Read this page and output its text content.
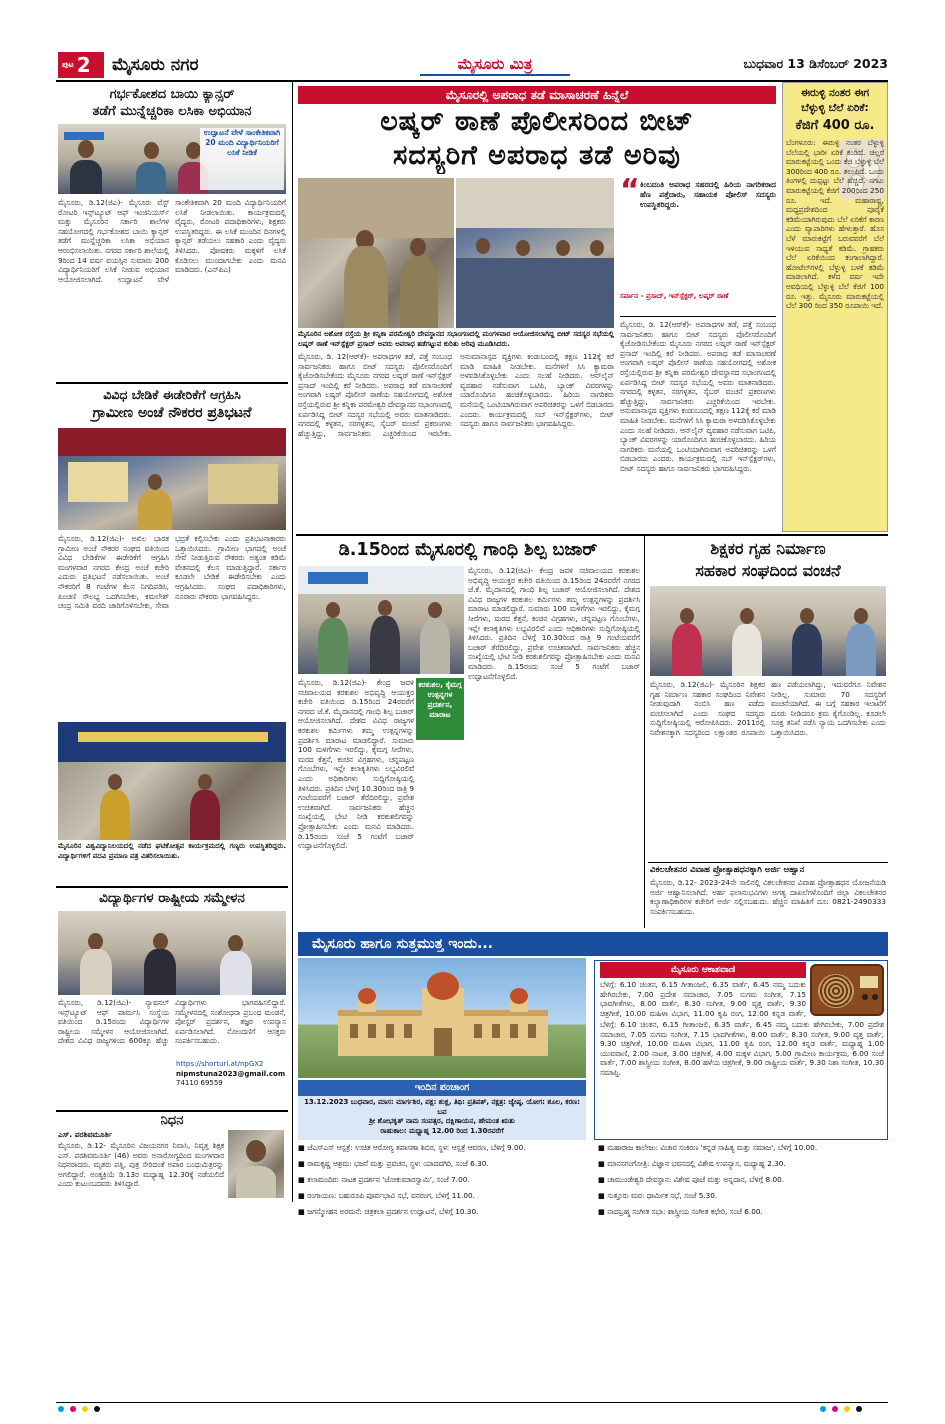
ಪುಟ 2 ಮೈಸೂರು ನಗರ	ಮೈಸೂರು ಮಿತ್ರ	ಬುಧವಾರ 13 ಡಿಸೆಂಬರ್ 2023
ಗರ್ಭಕೋಶದ ಬಾಯಿ ಕ್ಯಾನ್ಸರ್
ತಡೆಗೆ ಮುನ್ನೆಚ್ಚರಿಕಾ ಲಸಿಕಾ ಅಭಿಯಾನ
ಉದ್ಘಾಟನೆ ವೇಳೆ ಸಾಂಕೇತಿಕವಾಗಿ 20 ಮಂದಿ ವಿದ್ಯಾರ್ಥಿನಿಯರಿಗೆ ಲಸಿಕೆ ನೀಡಿಕೆ
ಮೈಸೂರು, ಡಿ.12(ಜಿಎ)- ಮೈಸೂರು ವೆಸ್ಟ್ ರೋಟರಿ ಇನ್ಸ್‌ಟ್ಯೂಟ್ ಆಫ್ ಇಂಜಿನಿಯರ್ಸ್‌ ಮತ್ತು ಮೈಸೂರಿನ ಸರ್ಕಾರಿ ಶಾಲೆಗಳ ಸಹಯೋಗದಲ್ಲಿ ಗರ್ಭಕೋಶದ ಬಾಯಿ ಕ್ಯಾನ್ಸರ್ ತಡೆಗೆ ಮುನ್ನೆಚ್ಚರಿಕಾ ಲಸಿಕಾ ಅಭಿಯಾನ ಆರಂಭಿಸಲಾಯಿತು. ನಗರದ ಸರ್ಕಾರಿ ಶಾಲೆಯಲ್ಲಿ 9ರಿಂದ 14 ವರ್ಷ ವಯಸ್ಸಿನ ಸುಮಾರು 200 ವಿದ್ಯಾರ್ಥಿನಿಯರಿಗೆ ಲಸಿಕೆ ನೀಡುವ ಅಭಿಯಾನ ಆಯೋಜಿಸಲಾಗಿದೆ. ಉದ್ಘಾಟನೆ ವೇಳೆ ಸಾಂಕೇತಿಕವಾಗಿ 20 ಮಂದಿ ವಿದ್ಯಾರ್ಥಿನಿಯರಿಗೆ ಲಸಿಕೆ ನೀಡಲಾಯಿತು. ಕಾರ್ಯಕ್ರಮದಲ್ಲಿ ವೈದ್ಯರು, ರೋಟರಿ ಪದಾಧಿಕಾರಿಗಳು, ಶಿಕ್ಷಕರು ಉಪಸ್ಥಿತರಿದ್ದರು. ಈ ಲಸಿಕೆ ಮುಂದಿನ ದಿನಗಳಲ್ಲಿ ಕ್ಯಾನ್ಸರ್ ತಡೆಯಲು ಸಹಕಾರಿ ಎಂದು ವೈದ್ಯರು ತಿಳಿಸಿದರು. ಪೋಷಕರು ಮಕ್ಕಳಿಗೆ ಲಸಿಕೆ ಕೊಡಿಸಲು ಮುಂದಾಗಬೇಕು ಎಂದು ಮನವಿ ಮಾಡಿದರು. (ಎನ್‌ಪಿಎ)
ವಿವಿಧ ಬೇಡಿಕೆ ಈಡೇರಿಕೆಗೆ ಆಗ್ರಹಿಸಿ
ಗ್ರಾಮೀಣ ಅಂಚೆ ನೌಕರರ ಪ್ರತಿಭಟನೆ
ಮೈಸೂರು, ಡಿ.12(ಜಿಎ)- ಅಖಿಲ ಭಾರತ ಗ್ರಾಮೀಣ ಅಂಚೆ ನೌಕರರ ಸಂಘದ ವತಿಯಿಂದ ವಿವಿಧ ಬೇಡಿಕೆಗಳ ಈಡೇರಿಕೆಗೆ ಆಗ್ರಹಿಸಿ ಮಂಗಳವಾರ ನಗರದ ಕೇಂದ್ರ ಅಂಚೆ ಕಚೇರಿ ಎದುರು ಪ್ರತಿಭಟನೆ ನಡೆಸಲಾಯಿತು. ಅಂಚೆ ನೌಕರರಿಗೆ 8 ಗಂಟೆಗಳ ಕೆಲಸ ನಿಗದಿಪಡಿಸಿ, ಪಿಂಚಣಿ ಸೌಲಭ್ಯ ಒದಗಿಸಬೇಕು, ಕಮಲೇಶ್ ಚಂದ್ರ ಸಮಿತಿ ವರದಿ ಜಾರಿಗೊಳಿಸಬೇಕು, ಸೇವಾ ಭದ್ರತೆ ಕಲ್ಪಿಸಬೇಕು ಎಂದು ಪ್ರತಿಭಟನಾಕಾರರು ಒತ್ತಾಯಿಸಿದರು. ಗ್ರಾಮೀಣ ಭಾಗದಲ್ಲಿ ಅಂಚೆ ಸೇವೆ ನೀಡುತ್ತಿರುವ ನೌಕರರು ಅತ್ಯಂತ ಕಡಿಮೆ ವೇತನದಲ್ಲಿ ಕೆಲಸ ಮಾಡುತ್ತಿದ್ದಾರೆ. ಸರ್ಕಾರ ಕೂಡಲೇ ಬೇಡಿಕೆ ಈಡೇರಿಸಬೇಕು ಎಂದು ಆಗ್ರಹಿಸಿದರು. ಸಂಘದ ಪದಾಧಿಕಾರಿಗಳು, ನೂರಾರು ನೌಕರರು ಭಾಗವಹಿಸಿದ್ದರು.
ಮೈಸೂರಿನ ವಿಶ್ವವಿದ್ಯಾನಿಲಯದಲ್ಲಿ ನಡೆದ ಘಟಿಕೋತ್ಸವ ಕಾರ್ಯಕ್ರಮದಲ್ಲಿ ಗಣ್ಯರು ಉಪಸ್ಥಿತರಿದ್ದರು. ವಿದ್ಯಾರ್ಥಿಗಳಿಗೆ ಪದವಿ ಪ್ರಮಾಣ ಪತ್ರ ವಿತರಿಸಲಾಯಿತು.
ವಿದ್ಯಾರ್ಥಿಗಳ ರಾಷ್ಟ್ರೀಯ ಸಮ್ಮೇಳನ
ಮೈಸೂರು, ಡಿ.12(ಜಿಎ)- ನ್ಯಾಷನಲ್ ಇನ್ಸ್‌ಟ್ಯೂಟ್ ಆಫ್ ಪಾರ್ಮಸಿ ಸಂಸ್ಥೆಯ ವತಿಯಿಂದ ಡಿ.15ರಂದು ವಿದ್ಯಾರ್ಥಿಗಳ ರಾಷ್ಟ್ರೀಯ ಸಮ್ಮೇಳನ ಆಯೋಜಿಸಲಾಗಿದೆ. ದೇಶದ ವಿವಿಧ ರಾಜ್ಯಗಳಿಂದ 600ಕ್ಕೂ ಹೆಚ್ಚು ವಿದ್ಯಾರ್ಥಿಗಳು ಭಾಗವಹಿಸಲಿದ್ದಾರೆ. ಸಮ್ಮೇಳನದಲ್ಲಿ ಸಂಶೋಧನಾ ಪ್ರಬಂಧ ಮಂಡನೆ, ಪೋಸ್ಟರ್ ಪ್ರದರ್ಶನ, ತಜ್ಞರ ಉಪನ್ಯಾಸ ಏರ್ಪಡಿಸಲಾಗಿದೆ. ನೋಂದಣಿಗೆ ಆಸಕ್ತರು ಸಂಪರ್ಕಿಸಬಹುದು.
https://shorturl.at/npGX2
nipmstuna2023@gmail.com
74110 69559
ನಿಧನ
ಎಸ್. ಪರಶಿವಮೂರ್ತಿ
ಮೈಸೂರು, ಡಿ.12- ಮೈಸೂರಿನ ವಿಜಯನಗರ ನಿವಾಸಿ, ನಿವೃತ್ತ ಶಿಕ್ಷಕ ಎಸ್. ಪರಶಿವಮೂರ್ತಿ (46) ಅವರು ಅನಾರೋಗ್ಯದಿಂದ ಮಂಗಳವಾರ ನಿಧನರಾದರು. ಮೃತರು ಪತ್ನಿ, ಪುತ್ರ ಸೇರಿದಂತೆ ಅಪಾರ ಬಂಧುಮಿತ್ರರನ್ನು ಅಗಲಿದ್ದಾರೆ. ಅಂತ್ಯಕ್ರಿಯೆ ಡಿ.13ರ ಮಧ್ಯಾಹ್ನ 12.30ಕ್ಕೆ ನಡೆಯಲಿದೆ ಎಂದು ಕುಟುಂಬದವರು ತಿಳಿಸಿದ್ದಾರೆ.
ಮೈಸೂರಲ್ಲಿ ಅಪರಾಧ ತಡೆ ಮಾಸಾಚರಣೆ ಹಿನ್ನೆಲೆ
ಲಷ್ಕರ್ ಠಾಣೆ ಪೊಲೀಸರಿಂದ ಬೀಟ್
ಸದಸ್ಯರಿಗೆ ಅಪರಾಧ ತಡೆ ಅರಿವು
“ ಕಿಂಬದಂತಿ ಅಪರಾಧ ಸಹರದಲ್ಲಿ ಹಿರಿಯ ನಾಗರಿಕರಾದ ಹೆಣ ಪತ್ತೆದಾರು, ಸಹಾಯಕ ಪೋಲಿಸ್ ಸದಸ್ಯರು ಉಪಸ್ಥಿತರಿದ್ದರು.
ಸರ್ಪಾನ - ಪ್ರಸಾದ್, ಇನ್‌ಸ್ಪೆಕ್ಟರ್, ಲಷ್ಕರ್ ಠಾಣೆ
ಮೈಸೂರಿನ ಅಶೋಕ ರಸ್ತೆಯ ಶ್ರೀ ಕನ್ನಿಕಾ ಪರಮೇಶ್ವರಿ ದೇವಸ್ಥಾನದ ಸಭಾಂಗಣದಲ್ಲಿ ಮಂಗಳವಾರ ಆಯೋಜಿಸಲಾಗಿದ್ದ ಬೀಟ್ ಸದಸ್ಯರ ಸಭೆಯಲ್ಲಿ ಲಷ್ಕರ್ ಠಾಣೆ ಇನ್‌ಸ್ಪೆಕ್ಟರ್ ಪ್ರಸಾದ್ ಅವರು ಅಪರಾಧ ತಡೆಗಟ್ಟುವ ಕುರಿತು ಅರಿವು ಮೂಡಿಸಿದರು.
ಮೈಸೂರು, ಡಿ. 12(ಆರ್‌ಕೆ)- ಅಪರಾಧಗಳ ತಡೆ, ಪತ್ತೆ ಸಂಬಂಧ ಸಾರ್ವಜನಿಕರು ಹಾಗೂ ಬೀಟ್ ಸದಸ್ಯರು ಪೊಲೀಸರೊಂದಿಗೆ ಕೈಜೋಡಿಸಬೇಕೆಂದು ಮೈಸೂರು ನಗರದ ಲಷ್ಕರ್ ಠಾಣೆ ಇನ್‌ಸ್ಪೆಕ್ಟರ್ ಪ್ರಸಾದ್ ಇಂದಿಲ್ಲಿ ಕರೆ ನೀಡಿದರು. ಅಪರಾಧ ತಡೆ ಮಾಸಾಚರಣೆ ಅಂಗವಾಗಿ ಲಷ್ಕರ್ ಪೊಲೀಸ್ ಠಾಣೆಯ ಸಹಯೋಗದಲ್ಲಿ ಅಶೋಕ ರಸ್ತೆಯಲ್ಲಿರುವ ಶ್ರೀ ಕನ್ನಿಕಾ ಪರಮೇಶ್ವರಿ ದೇವಸ್ಥಾನದ ಸಭಾಂಗಣದಲ್ಲಿ ಏರ್ಪಡಿಸಿದ್ದ ಬೀಟ್ ಸದಸ್ಯರ ಸಭೆಯಲ್ಲಿ ಅವರು ಮಾತನಾಡಿದರು. ನಗರದಲ್ಲಿ ಕಳ್ಳತನ, ಸರಗಳ್ಳತನ, ಸೈಬರ್ ವಂಚನೆ ಪ್ರಕರಣಗಳು ಹೆಚ್ಚುತ್ತಿದ್ದು, ಸಾರ್ವಜನಿಕರು ಎಚ್ಚರಿಕೆಯಿಂದ ಇರಬೇಕು. ಅನುಮಾನಾಸ್ಪದ ವ್ಯಕ್ತಿಗಳು ಕಂಡುಬಂದಲ್ಲಿ ತಕ್ಷಣ 112ಕ್ಕೆ ಕರೆ ಮಾಡಿ ಮಾಹಿತಿ ನೀಡಬೇಕು. ಮನೆಗಳಿಗೆ ಸಿಸಿ ಕ್ಯಾಮರಾ ಅಳವಡಿಸಿಕೊಳ್ಳಬೇಕು ಎಂದು ಸಲಹೆ ನೀಡಿದರು. ಆನ್‌ಲೈನ್ ವ್ಯವಹಾರ ನಡೆಸುವಾಗ ಒಟಿಪಿ, ಬ್ಯಾಂಕ್ ವಿವರಗಳನ್ನು ಯಾರೊಂದಿಗೂ ಹಂಚಿಕೊಳ್ಳಬಾರದು. ಹಿರಿಯ ನಾಗರಿಕರು ಮನೆಯಲ್ಲಿ ಒಂಟಿಯಾಗಿರುವಾಗ ಅಪರಿಚಿತರನ್ನು ಒಳಗೆ ಬಿಡಬಾರದು ಎಂದರು. ಕಾರ್ಯಕ್ರಮದಲ್ಲಿ ಸಬ್ ಇನ್‌ಸ್ಪೆಕ್ಟರ್‌ಗಳು, ಬೀಟ್ ಸದಸ್ಯರು ಹಾಗೂ ಸಾರ್ವಜನಿಕರು ಭಾಗವಹಿಸಿದ್ದರು.
ಮೈಸೂರು, ಡಿ. 12(ಆರ್‌ಕೆ)- ಅಪರಾಧಗಳ ತಡೆ, ಪತ್ತೆ ಸಂಬಂಧ ಸಾರ್ವಜನಿಕರು ಹಾಗೂ ಬೀಟ್ ಸದಸ್ಯರು ಪೊಲೀಸರೊಂದಿಗೆ ಕೈಜೋಡಿಸಬೇಕೆಂದು ಮೈಸೂರು ನಗರದ ಲಷ್ಕರ್ ಠಾಣೆ ಇನ್‌ಸ್ಪೆಕ್ಟರ್ ಪ್ರಸಾದ್ ಇಂದಿಲ್ಲಿ ಕರೆ ನೀಡಿದರು. ಅಪರಾಧ ತಡೆ ಮಾಸಾಚರಣೆ ಅಂಗವಾಗಿ ಲಷ್ಕರ್ ಪೊಲೀಸ್ ಠಾಣೆಯ ಸಹಯೋಗದಲ್ಲಿ ಅಶೋಕ ರಸ್ತೆಯಲ್ಲಿರುವ ಶ್ರೀ ಕನ್ನಿಕಾ ಪರಮೇಶ್ವರಿ ದೇವಸ್ಥಾನದ ಸಭಾಂಗಣದಲ್ಲಿ ಏರ್ಪಡಿಸಿದ್ದ ಬೀಟ್ ಸದಸ್ಯರ ಸಭೆಯಲ್ಲಿ ಅವರು ಮಾತನಾಡಿದರು. ನಗರದಲ್ಲಿ ಕಳ್ಳತನ, ಸರಗಳ್ಳತನ, ಸೈಬರ್ ವಂಚನೆ ಪ್ರಕರಣಗಳು ಹೆಚ್ಚುತ್ತಿದ್ದು, ಸಾರ್ವಜನಿಕರು ಎಚ್ಚರಿಕೆಯಿಂದ ಇರಬೇಕು. ಅನುಮಾನಾಸ್ಪದ ವ್ಯಕ್ತಿಗಳು ಕಂಡುಬಂದಲ್ಲಿ ತಕ್ಷಣ 112ಕ್ಕೆ ಕರೆ ಮಾಡಿ ಮಾಹಿತಿ ನೀಡಬೇಕು. ಮನೆಗಳಿಗೆ ಸಿಸಿ ಕ್ಯಾಮರಾ ಅಳವಡಿಸಿಕೊಳ್ಳಬೇಕು ಎಂದು ಸಲಹೆ ನೀಡಿದರು. ಆನ್‌ಲೈನ್ ವ್ಯವಹಾರ ನಡೆಸುವಾಗ ಒಟಿಪಿ, ಬ್ಯಾಂಕ್ ವಿವರಗಳನ್ನು ಯಾರೊಂದಿಗೂ ಹಂಚಿಕೊಳ್ಳಬಾರದು. ಹಿರಿಯ ನಾಗರಿಕರು ಮನೆಯಲ್ಲಿ ಒಂಟಿಯಾಗಿರುವಾಗ ಅಪರಿಚಿತರನ್ನು ಒಳಗೆ ಬಿಡಬಾರದು ಎಂದರು. ಕಾರ್ಯಕ್ರಮದಲ್ಲಿ ಸಬ್ ಇನ್‌ಸ್ಪೆಕ್ಟರ್‌ಗಳು, ಬೀಟ್ ಸದಸ್ಯರು ಹಾಗೂ ಸಾರ್ವಜನಿಕರು ಭಾಗವಹಿಸಿದ್ದರು.
ಈರುಳ್ಳಿ ನಂತರ ಈಗ
ಬೆಳ್ಳುಳ್ಳಿ ಬೆಲೆ ಏರಿಕೆ:
ಕೆಜಿಗೆ 400 ರೂ.
ಬೆಂಗಳೂರು: ಈರುಳ್ಳಿ ನಂತರ ಬೆಳ್ಳುಳ್ಳಿ ಬೆಲೆಯಲ್ಲಿ ಭಾರೀ ಏರಿಕೆ ಕಂಡಿದೆ. ಚಿಲ್ಲರೆ ಮಾರುಕಟ್ಟೆಯಲ್ಲಿ ಒಂದು ಕೆಜಿ ಬೆಳ್ಳುಳ್ಳಿ ಬೆಲೆ 300ರಿಂದ 400 ರೂ. ತಲುಪಿದೆ. ಒಂದು ತಿಂಗಳಲ್ಲಿ ದುಪ್ಪಟ್ಟು ಬೆಲೆ ಹೆಚ್ಚಿದೆ. ಸಗಟು ಮಾರುಕಟ್ಟೆಯಲ್ಲಿ ಕೆಜಿಗೆ 200ರಿಂದ 250 ರೂ. ಇದೆ. ಮಹಾರಾಷ್ಟ್ರ, ಮಧ್ಯಪ್ರದೇಶದಿಂದ ಪೂರೈಕೆ ಕಡಿಮೆಯಾಗಿರುವುದು ಬೆಲೆ ಏರಿಕೆಗೆ ಕಾರಣ ಎಂದು ವ್ಯಾಪಾರಿಗಳು ಹೇಳುತ್ತಾರೆ. ಹೊಸ ಬೆಳೆ ಮಾರುಕಟ್ಟೆಗೆ ಬರುವವರೆಗೆ ಬೆಲೆ ಇಳಿಯುವ ಸಾಧ್ಯತೆ ಕಡಿಮೆ. ಗ್ರಾಹಕರು ಬೆಲೆ ಏರಿಕೆಯಿಂದ ಕಂಗಾಲಾಗಿದ್ದಾರೆ. ಹೋಟೆಲ್‌ಗಳಲ್ಲಿ ಬೆಳ್ಳುಳ್ಳಿ ಬಳಕೆ ಕಡಿಮೆ ಮಾಡಲಾಗಿದೆ. ಕಳೆದ ವರ್ಷ ಇದೇ ಅವಧಿಯಲ್ಲಿ ಬೆಳ್ಳುಳ್ಳಿ ಬೆಲೆ ಕೆಜಿಗೆ 100 ರೂ. ಇತ್ತು. ಮೈಸೂರು ಮಾರುಕಟ್ಟೆಯಲ್ಲಿ ಬೆಲೆ 300 ರಿಂದ 350 ರೂಪಾಯಿ ಇದೆ.
ಡಿ.15ರಿಂದ ಮೈಸೂರಲ್ಲಿ ಗಾಂಧಿ ಶಿಲ್ಪ ಬಜಾರ್
ಮೈಸೂರು, ಡಿ.12(ಜಿಎ)- ಕೇಂದ್ರ ಜವಳಿ ಸಚಿವಾಲಯದ ಕರಕುಶಲ ಅಭಿವೃದ್ಧಿ ಆಯುಕ್ತರ ಕಚೇರಿ ವತಿಯಿಂದ ಡಿ.15ರಿಂದ 24ರವರೆಗೆ ನಗರದ ಜೆ.ಕೆ. ಮೈದಾನದಲ್ಲಿ ಗಾಂಧಿ ಶಿಲ್ಪ ಬಜಾರ್ ಆಯೋಜಿಸಲಾಗಿದೆ. ದೇಶದ ವಿವಿಧ ರಾಜ್ಯಗಳ ಕರಕುಶಲ ಕರ್ಮಿಗಳು ತಮ್ಮ ಉತ್ಪನ್ನಗಳನ್ನು ಪ್ರದರ್ಶಿಸಿ ಮಾರಾಟ ಮಾಡಲಿದ್ದಾರೆ. ಸುಮಾರು 100 ಮಳಿಗೆಗಳು ಇರಲಿದ್ದು, ಕೈಮಗ್ಗ ಸೀರೆಗಳು, ಮರದ ಕೆತ್ತನೆ, ಕಂಚಿನ ವಿಗ್ರಹಗಳು, ಚನ್ನಪಟ್ಟಣ ಗೊಂಬೆಗಳು, ಇನ್ಲೇ ಕಲಾಕೃತಿಗಳು ಲಭ್ಯವಿರಲಿವೆ ಎಂದು ಅಧಿಕಾರಿಗಳು ಸುದ್ದಿಗೋಷ್ಠಿಯಲ್ಲಿ ತಿಳಿಸಿದರು. ಪ್ರತಿದಿನ ಬೆಳಿಗ್ಗೆ 10.30ರಿಂದ ರಾತ್ರಿ 9 ಗಂಟೆಯವರೆಗೆ ಬಜಾರ್ ತೆರೆದಿರಲಿದ್ದು, ಪ್ರವೇಶ ಉಚಿತವಾಗಿದೆ. ಸಾರ್ವಜನಿಕರು ಹೆಚ್ಚಿನ ಸಂಖ್ಯೆಯಲ್ಲಿ ಭೇಟಿ ನೀಡಿ ಕರಕುಶಲಿಗರನ್ನು ಪ್ರೋತ್ಸಾಹಿಸಬೇಕು ಎಂದು ಮನವಿ ಮಾಡಿದರು. ಡಿ.15ರಂದು ಸಂಜೆ 5 ಗಂಟೆಗೆ ಬಜಾರ್ ಉದ್ಘಾಟನೆಗೊಳ್ಳಲಿದೆ.
ಮೈಸೂರು, ಡಿ.12(ಜಿಎ)- ಕೇಂದ್ರ ಜವಳಿ ಸಚಿವಾಲಯದ ಕರಕುಶಲ ಅಭಿವೃದ್ಧಿ ಆಯುಕ್ತರ ಕಚೇರಿ ವತಿಯಿಂದ ಡಿ.15ರಿಂದ 24ರವರೆಗೆ ನಗರದ ಜೆ.ಕೆ. ಮೈದಾನದಲ್ಲಿ ಗಾಂಧಿ ಶಿಲ್ಪ ಬಜಾರ್ ಆಯೋಜಿಸಲಾಗಿದೆ. ದೇಶದ ವಿವಿಧ ರಾಜ್ಯಗಳ ಕರಕುಶಲ ಕರ್ಮಿಗಳು ತಮ್ಮ ಉತ್ಪನ್ನಗಳನ್ನು ಪ್ರದರ್ಶಿಸಿ ಮಾರಾಟ ಮಾಡಲಿದ್ದಾರೆ. ಸುಮಾರು 100 ಮಳಿಗೆಗಳು ಇರಲಿದ್ದು, ಕೈಮಗ್ಗ ಸೀರೆಗಳು, ಮರದ ಕೆತ್ತನೆ, ಕಂಚಿನ ವಿಗ್ರಹಗಳು, ಚನ್ನಪಟ್ಟಣ ಗೊಂಬೆಗಳು, ಇನ್ಲೇ ಕಲಾಕೃತಿಗಳು ಲಭ್ಯವಿರಲಿವೆ ಎಂದು ಅಧಿಕಾರಿಗಳು ಸುದ್ದಿಗೋಷ್ಠಿಯಲ್ಲಿ ತಿಳಿಸಿದರು. ಪ್ರತಿದಿನ ಬೆಳಿಗ್ಗೆ 10.30ರಿಂದ ರಾತ್ರಿ 9 ಗಂಟೆಯವರೆಗೆ ಬಜಾರ್ ತೆರೆದಿರಲಿದ್ದು, ಪ್ರವೇಶ ಉಚಿತವಾಗಿದೆ. ಸಾರ್ವಜನಿಕರು ಹೆಚ್ಚಿನ ಸಂಖ್ಯೆಯಲ್ಲಿ ಭೇಟಿ ನೀಡಿ ಕರಕುಶಲಿಗರನ್ನು ಪ್ರೋತ್ಸಾಹಿಸಬೇಕು ಎಂದು ಮನವಿ ಮಾಡಿದರು. ಡಿ.15ರಂದು ಸಂಜೆ 5 ಗಂಟೆಗೆ ಬಜಾರ್ ಉದ್ಘಾಟನೆಗೊಳ್ಳಲಿದೆ.
ಕರಕುಶಲ, ಕೈಮಗ್ಗ ಉತ್ಪನ್ನಗಳ ಪ್ರದರ್ಶನ, ಮಾರಾಟ
ಶಿಕ್ಷಕರ ಗೃಹ ನಿರ್ಮಾಣ
ಸಹಕಾರ ಸಂಘದಿಂದ ವಂಚನೆ
ಮೈಸೂರು, ಡಿ.12(ಜಿಎ)- ಮೈಸೂರಿನ ಶಿಕ್ಷಕರ ಗೃಹ ನಿರ್ಮಾಣ ಸಹಕಾರ ಸಂಘದಿಂದ ನಿವೇಶನ ನೀಡುವುದಾಗಿ ನಂಬಿಸಿ ಹಣ ಪಡೆದು ವಂಚಿಸಲಾಗಿದೆ ಎಂದು ಸಂಘದ ಸದಸ್ಯರು ಸುದ್ದಿಗೋಷ್ಠಿಯಲ್ಲಿ ಆರೋಪಿಸಿದರು. 2011ರಲ್ಲಿ ನಿವೇಶನಕ್ಕಾಗಿ ಸದಸ್ಯರಿಂದ ಲಕ್ಷಾಂತರ ರೂಪಾಯಿ ಹಣ ಪಡೆಯಲಾಗಿದ್ದು, ಇದುವರೆಗೂ ನಿವೇಶನ ನೀಡಿಲ್ಲ. ಸುಮಾರು 70 ಸದಸ್ಯರಿಗೆ ವಂಚನೆಯಾಗಿದೆ. ಈ ಬಗ್ಗೆ ಸಹಕಾರ ಇಲಾಖೆಗೆ ದೂರು ನೀಡಿದರೂ ಕ್ರಮ ಕೈಗೊಂಡಿಲ್ಲ. ಕೂಡಲೇ ಸೂಕ್ತ ತನಿಖೆ ನಡೆಸಿ ನ್ಯಾಯ ಒದಗಿಸಬೇಕು ಎಂದು ಒತ್ತಾಯಿಸಿದರು.
ವಿಕಲಚೇತನರ ವಿವಾಹ ಪ್ರೋತ್ಸಾಹಧನಕ್ಕಾಗಿ ಅರ್ಜಿ ಆಹ್ವಾನ
ಮೈಸೂರು, ಡಿ.12- 2023-24ನೇ ಸಾಲಿನಲ್ಲಿ ವಿಕಲಚೇತನರ ವಿವಾಹ ಪ್ರೋತ್ಸಾಹಧನ ಯೋಜನೆಯಡಿ ಅರ್ಜಿ ಆಹ್ವಾನಿಸಲಾಗಿದೆ. ಅರ್ಹ ಫಲಾನುಭವಿಗಳು ಅಗತ್ಯ ದಾಖಲೆಗಳೊಂದಿಗೆ ಜಿಲ್ಲಾ ವಿಕಲಚೇತನರ ಕಲ್ಯಾಣಾಧಿಕಾರಿಗಳ ಕಚೇರಿಗೆ ಅರ್ಜಿ ಸಲ್ಲಿಸಬಹುದು. ಹೆಚ್ಚಿನ ಮಾಹಿತಿಗೆ ದೂ: 0821-2490333 ಸಂಪರ್ಕಿಸಬಹುದು.
ಮೈಸೂರು ಹಾಗೂ ಸುತ್ತಮುತ್ತ ಇಂದು...
ಇಂದಿನ ಪಂಚಾಂಗ
13.12.2023 ಬುಧವಾರ, ಮಾಸ: ಮಾರ್ಗಶಿರ, ಪಕ್ಷ: ಶುಕ್ಲ, ತಿಥಿ: ಪ್ರತಿಪತ್, ನಕ್ಷತ್ರ: ಜ್ಯೇಷ್ಠ, ಯೋಗ: ಶೂಲ, ಕರಣ: ಬವ
ಶ್ರೀ ಶೋಭಕೃತ್ ನಾಮ ಸಂವತ್ಸರ, ದಕ್ಷಿಣಾಯನ, ಹೇಮಂತ ಋತು
ರಾಹುಕಾಲ: ಮಧ್ಯಾಹ್ನ 12.00 ರಿಂದ 1.30ರವರೆಗೆ
ಮೈಸೂರು ಆಕಾಶವಾಣಿ
ಬೆಳಿಗ್ಗೆ: 6.10 ಚಿಂತನ, 6.15 ಗೀತಾಂಜಲಿ, 6.35 ವಾರ್ತೆ, 6.45 ನಮ್ಮ ಬದುಕು ಹೇಗಿರಬೇಕು, 7.00 ಪ್ರದೇಶ ಸಮಾಚಾರ, 7.05 ಸುಗಮ ಸಂಗೀತ, 7.15 ಭಾವಗೀತೆಗಳು, 8.00 ವಾರ್ತೆ, 8.30 ಸಂಗೀತ, 9.00 ವೃತ್ತ ವಾರ್ತೆ, 9.30 ಚಿತ್ರಗೀತೆ, 10.00 ಮಹಿಳಾ ವಿಭಾಗ, 11.00 ಕೃಷಿ ರಂಗ, 12.00 ಕನ್ನಡ ವಾರ್ತೆ,
ಬೆಳಿಗ್ಗೆ: 6.10 ಚಿಂತನ, 6.15 ಗೀತಾಂಜಲಿ, 6.35 ವಾರ್ತೆ, 6.45 ನಮ್ಮ ಬದುಕು ಹೇಗಿರಬೇಕು, 7.00 ಪ್ರದೇಶ ಸಮಾಚಾರ, 7.05 ಸುಗಮ ಸಂಗೀತ, 7.15 ಭಾವಗೀತೆಗಳು, 8.00 ವಾರ್ತೆ, 8.30 ಸಂಗೀತ, 9.00 ವೃತ್ತ ವಾರ್ತೆ, 9.30 ಚಿತ್ರಗೀತೆ, 10.00 ಮಹಿಳಾ ವಿಭಾಗ, 11.00 ಕೃಷಿ ರಂಗ, 12.00 ಕನ್ನಡ ವಾರ್ತೆ, ಮಧ್ಯಾಹ್ನ 1.00 ಯುವವಾಣಿ, 2.00 ನಾಟಕ, 3.00 ಚಿತ್ರಗೀತೆ, 4.00 ಮಕ್ಕಳ ವಿಭಾಗ, 5.00 ಗ್ರಾಮೀಣ ಕಾರ್ಯಕ್ರಮ, 6.00 ಸಂಜೆ ವಾರ್ತೆ, 7.00 ಶಾಸ್ತ್ರೀಯ ಸಂಗೀತ, 8.00 ಹಳೆಯ ಚಿತ್ರಗೀತೆ, 9.00 ರಾಷ್ಟ್ರೀಯ ವಾರ್ತೆ, 9.30 ನಿಶಾ ಸಂಗೀತ, 10.30 ಸಮಾಪ್ತಿ.
■ ಜೆಎಸ್‌ಎಸ್ ಆಸ್ಪತ್ರೆ: ಉಚಿತ ಆರೋಗ್ಯ ತಪಾಸಣಾ ಶಿಬಿರ, ಸ್ಥಳ: ಆಸ್ಪತ್ರೆ ಆವರಣ, ಬೆಳಿಗ್ಗೆ 9.00.
■ ರಾಮಕೃಷ್ಣ ಆಶ್ರಮ: ಭಜನೆ ಮತ್ತು ಪ್ರವಚನ, ಸ್ಥಳ: ಯಾದವಗಿರಿ, ಸಂಜೆ 6.30.
■ ಕಲಾಮಂದಿರ: ನಾಟಕ ಪ್ರದರ್ಶನ 'ಜೋಕುಮಾರಸ್ವಾಮಿ', ಸಂಜೆ 7.00.
■ ರಂಗಾಯಣ: ಬಹುರೂಪಿ ಪೂರ್ವಭಾವಿ ಸಭೆ, ವನರಂಗ, ಬೆಳಿಗ್ಗೆ 11.00.
■ ಜಗನ್ಮೋಹನ ಅರಮನೆ: ಚಿತ್ರಕಲಾ ಪ್ರದರ್ಶನ ಉದ್ಘಾಟನೆ, ಬೆಳಿಗ್ಗೆ 10.30.
■ ಮಹಾರಾಜ ಕಾಲೇಜು: ವಿಚಾರ ಸಂಕಿರಣ 'ಕನ್ನಡ ಸಾಹಿತ್ಯ ಮತ್ತು ಸಮಾಜ', ಬೆಳಿಗ್ಗೆ 10.00.
■ ಮಾನಸಗಂಗೋತ್ರಿ: ವಿಜ್ಞಾನ ಭವನದಲ್ಲಿ ವಿಶೇಷ ಉಪನ್ಯಾಸ, ಮಧ್ಯಾಹ್ನ 2.30.
■ ಚಾಮುಂಡೇಶ್ವರಿ ದೇವಸ್ಥಾನ: ವಿಶೇಷ ಪೂಜೆ ಮತ್ತು ಅನ್ನದಾನ, ಬೆಳಿಗ್ಗೆ 8.00.
■ ಸುತ್ತೂರು ಮಠ: ಧಾರ್ಮಿಕ ಸಭೆ, ಸಂಜೆ 5.30.
■ ನಾದಬ್ರಹ್ಮ ಸಂಗೀತ ಸಭಾ: ಶಾಸ್ತ್ರೀಯ ಸಂಗೀತ ಕಛೇರಿ, ಸಂಜೆ 6.00.
